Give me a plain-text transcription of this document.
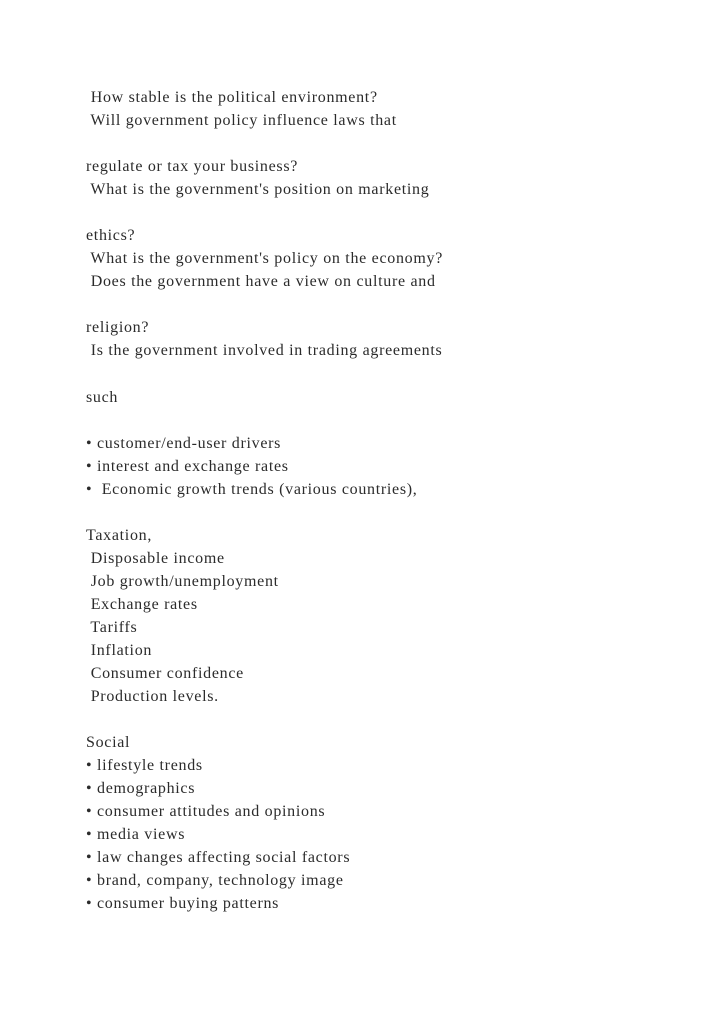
How stable is the political environment?
Will government policy influence laws that
regulate or tax your business?
What is the government's position on marketing
ethics?
What is the government's policy on the economy?
Does the government have a view on culture and
religion?
Is the government involved in trading agreements
such
• customer/end-user drivers
• interest and exchange rates
•  Economic growth trends (various countries),
Taxation,
Disposable income
Job growth/unemployment
Exchange rates
Tariffs
Inflation
Consumer confidence
Production levels.
Social
• lifestyle trends
• demographics
• consumer attitudes and opinions
• media views
• law changes affecting social factors
• brand, company, technology image
• consumer buying patterns
